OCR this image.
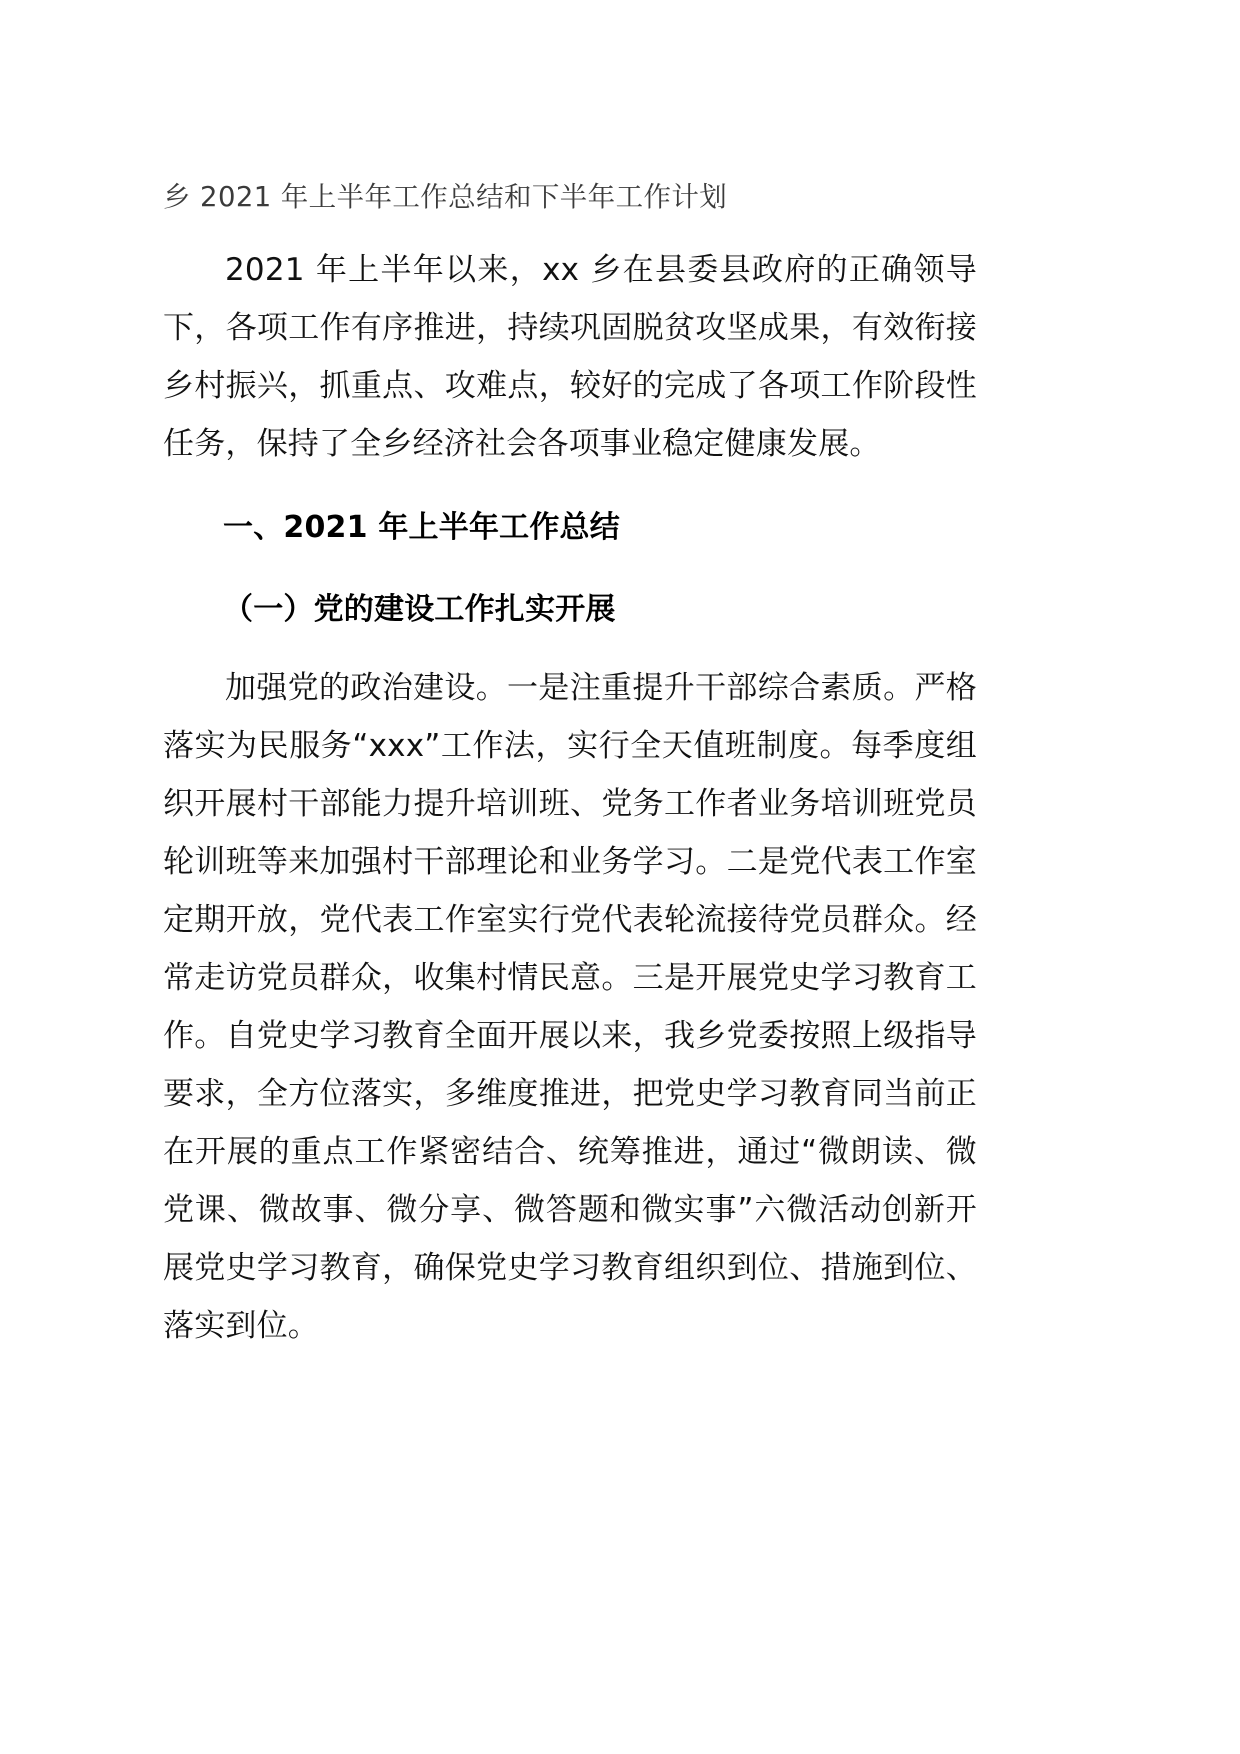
乡 2021 年上半年工作总结和下半年工作计划

2021 年上半年以来，xx 乡在县委县政府的正确领导下，各项工作有序推进，持续巩固脱贫攻坚成果，有效衔接乡村振兴，抓重点、攻难点，较好的完成了各项工作阶段性任务，保持了全乡经济社会各项事业稳定健康发展。

一、2021 年上半年工作总结
（一）党的建设工作扎实开展

加强党的政治建设。一是注重提升干部综合素质。严格落实为民服务“xxx”工作法，实行全天值班制度。每季度组织开展村干部能力提升培训班、党务工作者业务培训班党员轮训班等来加强村干部理论和业务学习。二是党代表工作室定期开放，党代表工作室实行党代表轮流接待党员群众。经常走访党员群众，收集村情民意。三是开展党史学习教育工作。自党史学习教育全面开展以来，我乡党委按照上级指导要求，全方位落实，多维度推进，把党史学习教育同当前正在开展的重点工作紧密结合、统筹推进，通过“微朗读、微党课、微故事、微分享、微答题和微实事”六微活动创新开展党史学习教育，确保党史学习教育组织到位、措施到位、落实到位。
